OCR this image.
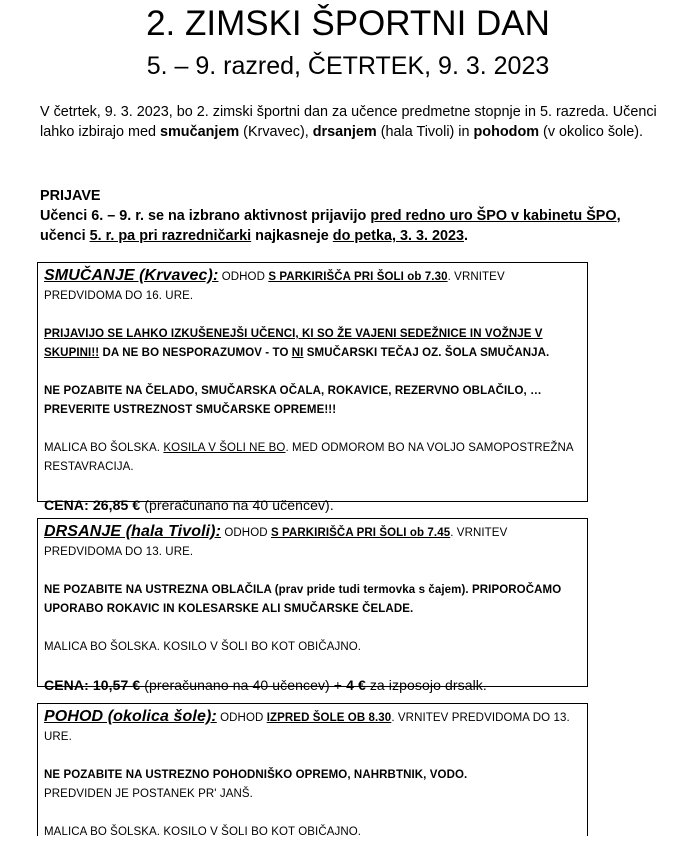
2. ZIMSKI ŠPORTNI DAN
5. – 9. razred, ČETRTEK, 9. 3. 2023
V četrtek, 9. 3. 2023, bo 2. zimski športni dan za učence predmetne stopnje in 5. razreda. Učenci lahko izbirajo med smučanjem (Krvavec), drsanjem (hala Tivoli) in pohodom (v okolico šole).
PRIJAVE
Učenci 6. – 9. r. se na izbrano aktivnost prijavijo pred redno uro ŠPO v kabinetu ŠPO,
učenci 5. r. pa pri razredničarki najkasneje do petka, 3. 3. 2023.

SMUČANJE (Krvavec): ODHOD S PARKIRIŠČA PRI ŠOLI ob 7.30. VRNITEV PREDVIDOMA DO 16. URE.

PRIJAVIJO SE LAHKO IZKUŠENEJŠI UČENCI, KI SO ŽE VAJENI SEDEŽNICE IN VOŽNJE V SKUPINI!! DA NE BO NESPORAZUMOV - TO NI SMUČARSKI TEČAJ OZ. ŠOLA SMUČANJA.

NE POZABITE NA ČELADO, SMUČARSKA OČALA, ROKAVICE, REZERVNO OBLAČILO, … PREVERITE USTREZNOST SMUČARSKE OPREME!!!

MALICA BO ŠOLSKA. KOSILA V ŠOLI NE BO. MED ODMOROM BO NA VOLJO SAMOPOSTREŽNA RESTAVRACIJA.

CENA: 26,85 € (preračunano na 40 učencev).

DRSANJE (hala Tivoli): ODHOD S PARKIRIŠČA PRI ŠOLI ob 7.45. VRNITEV PREDVIDOMA DO 13. URE.

NE POZABITE NA USTREZNA OBLAČILA (prav pride tudi termovka s čajem). PRIPOROČAMO UPORABO ROKAVIC IN KOLESARSKE ALI SMUČARSKE ČELADE.

MALICA BO ŠOLSKA. KOSILO V ŠOLI BO KOT OBIČAJNO.

CENA: 10,57 € (preračunano na 40 učencev) + 4 € za izposojo drsalk.

POHOD (okolica šole): ODHOD IZPRED ŠOLE OB 8.30. VRNITEV PREDVIDOMA DO 13. URE.

NE POZABITE NA USTREZNO POHODNIŠKO OPREMO, NAHRBTNIK, VODO.

PREDVIDEN JE POSTANEK PR' JANŠ.

MALICA BO ŠOLSKA. KOSILO V ŠOLI BO KOT OBIČAJNO.
